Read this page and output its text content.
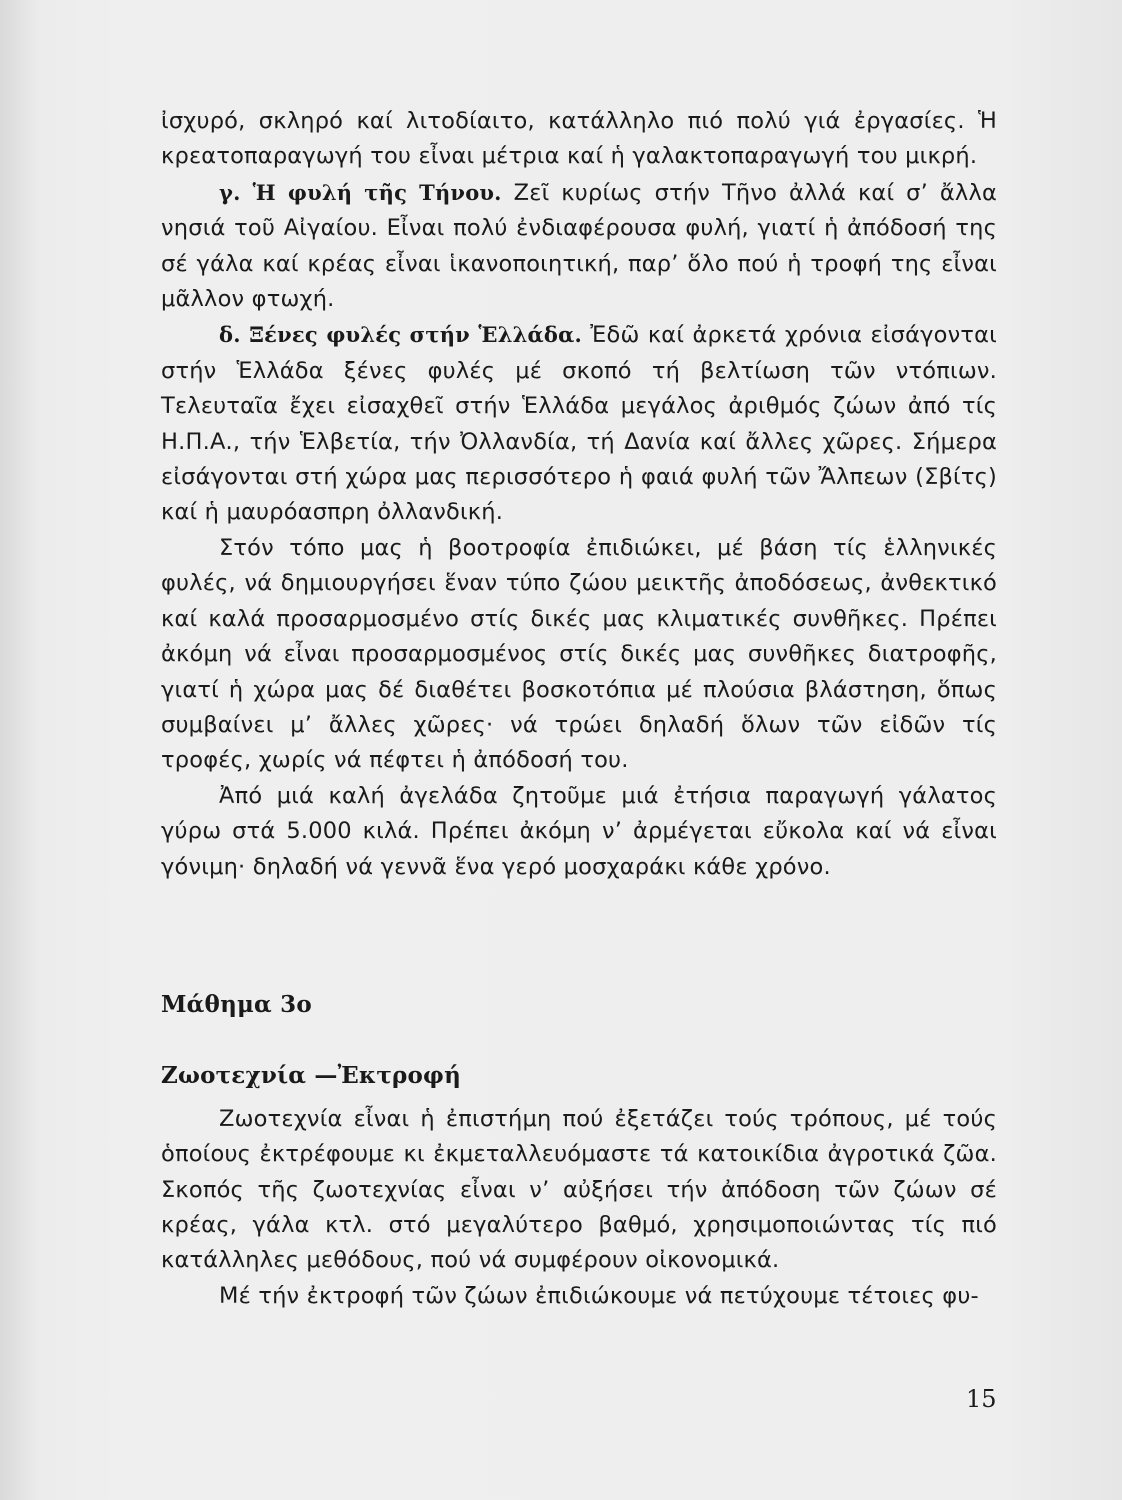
ἰσχυρό, σκληρό καί λιτοδίαιτο, κατάλληλο πιό πολύ γιά ἐργασίες. Ἡ κρεατοπαραγωγή του εἶναι μέτρια καί ἡ γαλακτοπαραγωγή του μικρή.

γ. Ἡ φυλή τῆς Τήνου. Ζεῖ κυρίως στήν Τῆνο ἀλλά καί σ’ ἄλλα νησιά τοῦ Αἰγαίου. Εἶναι πολύ ἐνδιαφέρουσα φυλή, γιατί ἡ ἀπόδοσή της σέ γάλα καί κρέας εἶναι ἱκανοποιητική, παρ’ ὅλο πού ἡ τροφή της εἶναι μᾶλλον φτωχή.

δ. Ξένες φυλές στήν Ἑλλάδα. Ἐδῶ καί ἀρκετά χρόνια εἰσάγονται στήν Ἑλλάδα ξένες φυλές μέ σκοπό τή βελτίωση τῶν ντόπιων. Τελευταῖα ἔχει εἰσαχθεῖ στήν Ἑλλάδα μεγάλος ἀριθμός ζώων ἀπό τίς Η.Π.Α., τήν Ἑλβετία, τήν Ὀλλανδία, τή Δανία καί ἄλλες χῶρες. Σήμερα εἰσάγονται στή χώρα μας περισσότερο ἡ φαιά φυλή τῶν Ἄλπεων (Σβίτς) καί ἡ μαυρόασπρη ὀλλανδική.

Στόν τόπο μας ἡ βοοτροφία ἐπιδιώκει, μέ βάση τίς ἑλληνικές φυλές, νά δημιουργήσει ἕναν τύπο ζώου μεικτῆς ἀποδόσεως, ἀνθεκτικό καί καλά προσαρμοσμένο στίς δικές μας κλιματικές συνθῆκες. Πρέπει ἀκόμη νά εἶναι προσαρμοσμένος στίς δικές μας συνθῆκες διατροφῆς, γιατί ἡ χώρα μας δέ διαθέτει βοσκοτόπια μέ πλούσια βλάστηση, ὅπως συμβαίνει μ’ ἄλλες χῶρες· νά τρώει δηλαδή ὅλων τῶν εἰδῶν τίς τροφές, χωρίς νά πέφτει ἡ ἀπόδοσή του.

Ἀπό μιά καλή ἀγελάδα ζητοῦμε μιά ἐτήσια παραγωγή γάλατος γύρω στά 5.000 κιλά. Πρέπει ἀκόμη ν’ ἀρμέγεται εὔκολα καί νά εἶναι γόνιμη· δηλαδή νά γεννᾶ ἕνα γερό μοσχαράκι κάθε χρόνο.

Μάθημα 3ο

Ζωοτεχνία —Ἐκτροφή

Ζωοτεχνία εἶναι ἡ ἐπιστήμη πού ἐξετάζει τούς τρόπους, μέ τούς ὁποίους ἐκτρέφουμε κι ἐκμεταλλευόμαστε τά κατοικίδια ἀγροτικά ζῶα. Σκοπός τῆς ζωοτεχνίας εἶναι ν’ αὐξήσει τήν ἀπόδοση τῶν ζώων σέ κρέας, γάλα κτλ. στό μεγαλύτερο βαθμό, χρησιμοποιώντας τίς πιό κατάλληλες μεθόδους, πού νά συμφέρουν οἰκονομικά.

Μέ τήν ἐκτροφή τῶν ζώων ἐπιδιώκουμε νά πετύχουμε τέτοιες φυ-

15
